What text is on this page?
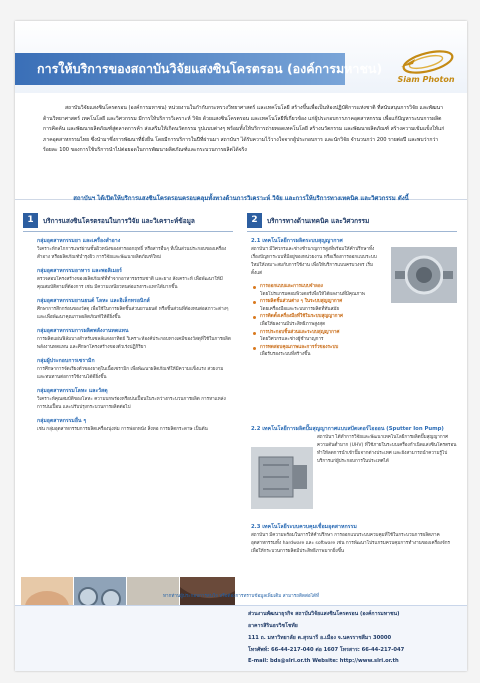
การให้บริการของสถาบันวิจัยแสงซินโครตรอน (องค์การมหาชน)
Siam Photon

สถาบันวิจัยแสงซินโครตรอน (องค์การมหาชน) หน่วยงานในกำกับกระทรวงวิทยาศาสตร์ และเทคโนโลยี สร้างขึ้นเพื่อเป็นห้องปฏิบัติการแห่งชาติ ที่สนับสนุนการวิจัย และพัฒนาด้านวิทยาศาสตร์ เทคโนโลยี และวิศวกรรม มีการให้บริการวิเคราะห์ วิจัย ด้วยแสงซินโครตรอน และเทคโนโลยีที่เกี่ยวข้อง แก่ผู้ประกอบการภาคอุตสาหกรรม เพื่อแก้ปัญหาระบบการผลิต การคิดค้น และพัฒนาผลิตภัณฑ์สู่ตลาดการค้า ส่งเสริมให้เกิดนวัตกรรม รูปแบบต่างๆ พร้อมทั้งให้บริการถ่ายทอดเทคโนโลยี สร้างนวัตกรรม และพัฒนาผลิตภัณฑ์ สร้างความเข้มแข็งให้แก่ภาคอุตสาหกรรมไทย ซึ่งนำมาซึ่งการพัฒนาที่ยั่งยืน โดยมีการบริการในปีที่ผ่านมา สถาบันฯ ได้รับความไว้วางใจจากผู้ประกอบการ และนักวิจัย จำนวนกว่า 200 รายต่อปี และพบว่ากว่าร้อยละ 100 ของการใช้บริการนำไปต่อยอดในการพัฒนาผลิตภัณฑ์และกระบวนการผลิตได้จริง

สถาบันฯ ได้เปิดให้บริการแสงซินโครตรอนครอบคลุมทั้งทางด้านการวิเคราะห์ วิจัย และการให้บริการทางเทคนิค และวิศวกรรม ดังนี้
1	บริการแสงซินโครตรอนในการวิจัย และวิเคราะห์ข้อมูล

กลุ่มอุตสาหกรรมยา และเครื่องสำอาง

วิเคราะห์กลไกการแพร่ผ่านชั้นผิวหนังของสารออกฤทธิ์ หรือสารอื่นๆ ที่เป็นส่วนประกอบของเครื่องสำอาง หรือผลิตภัณฑ์บำรุงผิว การวิจัยและพัฒนาผลิตภัณฑ์ใหม่

กลุ่มอุตสาหกรรมอาหาร และพอลิเมอร์

ตรวจสอบโครงสร้างของผลิตภัณฑ์ที่ทำจากอาหารธรรมชาติ และยาง สังเคราะห์ เพื่อพัฒนาให้มีคุณสมบัติตามที่ต้องการ เช่น มีความเหนียวทนต่อแรงกระแทกได้มากขึ้น

กลุ่มอุตสาหกรรมยานยนต์ โลหะ และอิเล็กทรอนิกส์

ศึกษาการสึกกร่อนของวัสดุ เพื่อใช้ในการผลิตชิ้นส่วนยานยนต์ หรือชิ้นส่วนที่ต้องทนต่อสภาวะต่างๆ และเพื่อพัฒนาคุณภาพผลิตภัณฑ์ให้ดียิ่งขึ้น

กลุ่มอุตสาหกรรมการผลิตพลังงานทดแทน

การผลิตแผ่นฟิล์มบางสำหรับเซลล์แสงอาทิตย์ วิเคราะห์องค์ประกอบทางเคมีของวัสดุที่ใช้ในการผลิตพลังงานทดแทน และศึกษาโครงสร้างของตัวเร่งปฏิกิริยา

กลุ่มผู้ประกอบการเซรามิก

การศึกษาการจัดเรียงตัวของธาตุในเนื้อเซรามิก เพื่อพัฒนาผลิตภัณฑ์ให้มีความแข็งแรง สวยงาม และทนทานต่อการใช้งานได้ดียิ่งขึ้น

กลุ่มอุตสาหกรรมโลหะ และวัสดุ

วิเคราะห์คุณสมบัติของโลหะ ความบกพร่องหรือปนเปื้อนในระหว่างกระบวนการผลิต การหาแหล่งการปนเปื้อน และปรับปรุงกระบวนการผลิตต่อไป

กลุ่มอุตสาหกรรมอื่น ๆ

เช่น กลุ่มอุตสาหกรรมการผลิตเครื่องนุ่งห่ม การฟอกหนัง สิ่งทอ การผลิตกระดาษ เป็นต้น

2	บริการทางด้านเทคนิค และวิศวกรรม

2.1 เทคโนโลยีการผลิตระบบสุญญากาศ

สถาบันฯ มีวิศวกรและช่างชำนาญการสูงที่พร้อมให้คำปรึกษาทั้งเรื่องปัญหาระบบที่มีอยู่ของหน่วยงาน หรือเรื่องการออกแบบระบบใหม่ให้เหมาะสมกับการใช้งาน เพื่อให้บริการแบบครบวงจร เริ่มตั้งแต่

การออกแบบและการแบบจำลอง
โดยโปรแกรมคอมพิวเตอร์เพื่อให้ได้ผลงานที่มีคุณภาพ
การผลิตชิ้นส่วนต่าง ๆ ในระบบสุญญากาศ
โดยเครื่องมือและระบบการผลิตที่ทันสมัย
การติดตั้งเครื่องมือที่ใช้ในระบบสุญญากาศ
เพื่อให้ผลงานมีประสิทธิภาพสูงสุด
การประกอบชิ้นส่วนและระบบสุญญากาศ
โดยวิศวกรและช่างผู้ชำนาญการ
การทดสอบคุณภาพและการรั่วของระบบ
เพื่อรับรองระบบที่สร้างขึ้น

2.2 เทคโนโลยีการผลิตปั๊มสุญญากาศแบบสปัตเตอร์ไอออน (Sputter Ion Pump)

สถาบันฯ ได้ทำการวิจัยและพัฒนาเทคโนโลยีการผลิตปั๊มสุญญากาศความดันต่ำมาก (UHV) ที่ใช้ภายในระบบเครื่องกำเนิดแสงซินโครตรอน ทำให้ลดการนำเข้าปั๊มจากต่างประเทศ และยังสามารถนำความรู้ไปบริการแก่ผู้ประกอบการในประเทศได้

2.3 เทคโนโลยีระบบควบคุมเชื่อมอุตสาหกรรม

สถาบันฯ มีความพร้อมในการให้คำปรึกษา การออกแบบระบบควบคุมที่ใช้ในกระบวนการผลิตภาคอุตสาหกรรมทั้ง hardware และ software เช่น การพัฒนาโปรแกรมควบคุมการทำงานของเครื่องจักร เพื่อให้กระบวนการผลิตมีประสิทธิภาพมากยิ่งขึ้น

หากท่านผู้ประกอบการสนใจ หรือต้องการทราบข้อมูลเพิ่มเติม สามารถติดต่อได้ที่
ส่วนงานพัฒนาธุรกิจ สถาบันวิจัยแสงซินโครตรอน (องค์การมหาชน)
อาคารสิรินธรวิชโชทัย
111 ถ. มหาวิทยาลัย ต.สุรนารี อ.เมือง จ.นครราชสีมา 30000
โทรศัพท์: 66-44-217-040 ต่อ 1607 โทรสาร: 66-44-217-047
E-mail: bds@slri.or.th Website: http://www.slri.or.th
